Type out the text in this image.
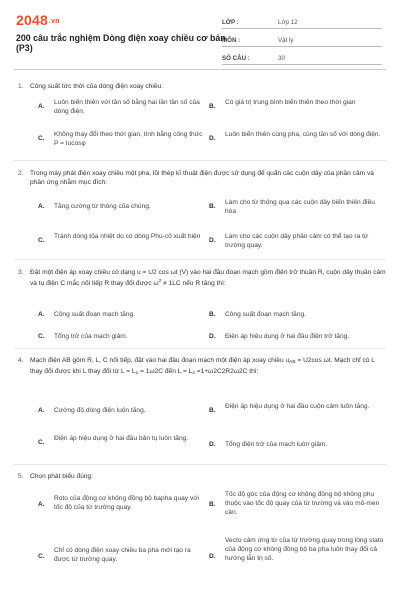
$2048^{.vn}$
200 câu trắc nghiệm Dòng điện xoay chiều cơ bản (P3)
LỚP :	Lớp 12
MÔN :	Vật lý
SỐ CÂU :	30
1. Công suất tức thời của dòng điện xoay chiều:
A.
Luôn biến thiên với tần số bằng hai lần tần số của dòng điện.
B.
Có giá trị trung bình biến thiên theo thời gian
C.
Không thay đổi theo thời gian, tính bằng công thức P = Iucosφ
D.
Luôn biến thiên cùng pha, cùng tần số với dòng điện.
2. Trong máy phát điện xoay chiều một pha, lõi thép kĩ thuật điện được sử dụng để quấn các cuộn dây của phần cảm và phần ứng nhằm mục đích:
A.	Tăng cường từ thông của chúng.	B.
Làm cho từ thông qua các cuộn dây biến thiên điều hòa
C.
Tránh dòng tỏa nhiệt do có dòng Phu-cô xuất hiện
D.
Làm cho các cuộn dây phần cảm có thể tạo ra từ trường quay.
3. Đặt một điện áp xoay chiều có dạng u = U2 cos ωt (V) vào hai đầu đoạn mạch gồm điện trở thuần R, cuộn dây thuần cảm và tụ điện C mắc nối tiếp R thay đổi được $\omega^2 \ne 1LC$ nếu R tăng thì:
A.	Công suất đoạn mạch tăng.	B.	Công suất đoạn mạch tăng.
C.	Tổng trở của mạch giảm.	D.	Điện áp hiệu dụng ở hai đầu điện trở tăng.
4. Mạch điện AB gồm R, L, C nối tiếp, đặt vào hai đầu đoạn mạch một điện áp xoay chiều uAB = U2cos ωt. Mạch chỉ có L thay đổi được khi L thay đổi từ L = L1 = 1ω2C đến L = L2 =1+ω2C2R2ω2C thì:
A.	Cường độ dòng điện luôn tăng.	B.
Điện áp hiệu dụng ở hai đầu cuộn cảm luôn tăng.
C.
Điện áp hiệu dụng ở hai đầu bản tụ luôn tăng.
D.	Tổng điện trở của mạch luôn giảm.
5. Chọn phát biểu đúng:
A.
Roto của động cơ không đồng bộ bapha quay với tốc độ của từ trường quay.	B.
Tốc độ góc của động cơ không đồng bộ không phụ thuộc vào tốc độ quay của từ trường và vào mô-men cản.
C.
Chỉ có dòng điện xoay chiều ba pha mới tạo ra được từ trường quay.	D.
Vecto cảm ứng từ của từ trường quay trong lòng stato của động cơ không đồng bộ ba pha luôn thay đổi cả hướng lẫn trị số.
